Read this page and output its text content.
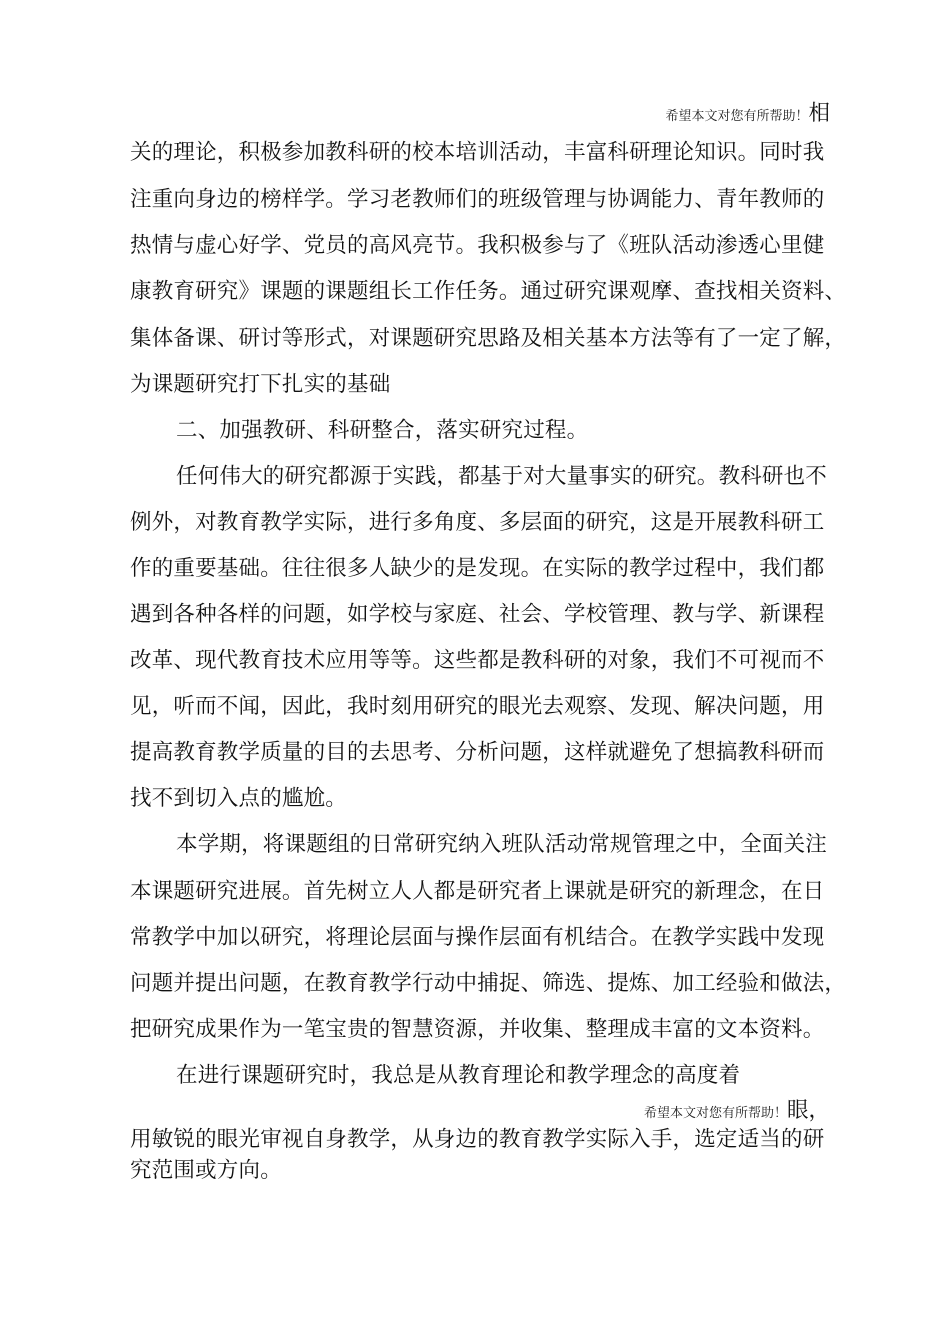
希望本文对您有所帮助！相
关的理论，积极参加教科研的校本培训活动，丰富科研理论知识。同时我
注重向身边的榜样学。学习老教师们的班级管理与协调能力、青年教师的
热情与虚心好学、党员的高风亮节。我积极参与了《班队活动渗透心里健
康教育研究》课题的课题组长工作任务。通过研究课观摩、查找相关资料、
集体备课、研讨等形式，对课题研究思路及相关基本方法等有了一定了解，
为课题研究打下扎实的基础
二、加强教研、科研整合，落实研究过程。
任何伟大的研究都源于实践，都基于对大量事实的研究。教科研也不
例外，对教育教学实际，进行多角度、多层面的研究，这是开展教科研工
作的重要基础。往往很多人缺少的是发现。在实际的教学过程中，我们都
遇到各种各样的问题，如学校与家庭、社会、学校管理、教与学、新课程
改革、现代教育技术应用等等。这些都是教科研的对象，我们不可视而不
见，听而不闻，因此，我时刻用研究的眼光去观察、发现、解决问题，用
提高教育教学质量的目的去思考、分析问题，这样就避免了想搞教科研而
找不到切入点的尴尬。
本学期，将课题组的日常研究纳入班队活动常规管理之中，全面关注
本课题研究进展。首先树立人人都是研究者上课就是研究的新理念，在日
常教学中加以研究，将理论层面与操作层面有机结合。在教学实践中发现
问题并提出问题，在教育教学行动中捕捉、筛选、提炼、加工经验和做法，
把研究成果作为一笔宝贵的智慧资源，并收集、整理成丰富的文本资料。
在进行课题研究时，我总是从教育理论和教学理念的高度着
希望本文对您有所帮助！眼，
用敏锐的眼光审视自身教学，从身边的教育教学实际入手，选定适当的研
究范围或方向。
